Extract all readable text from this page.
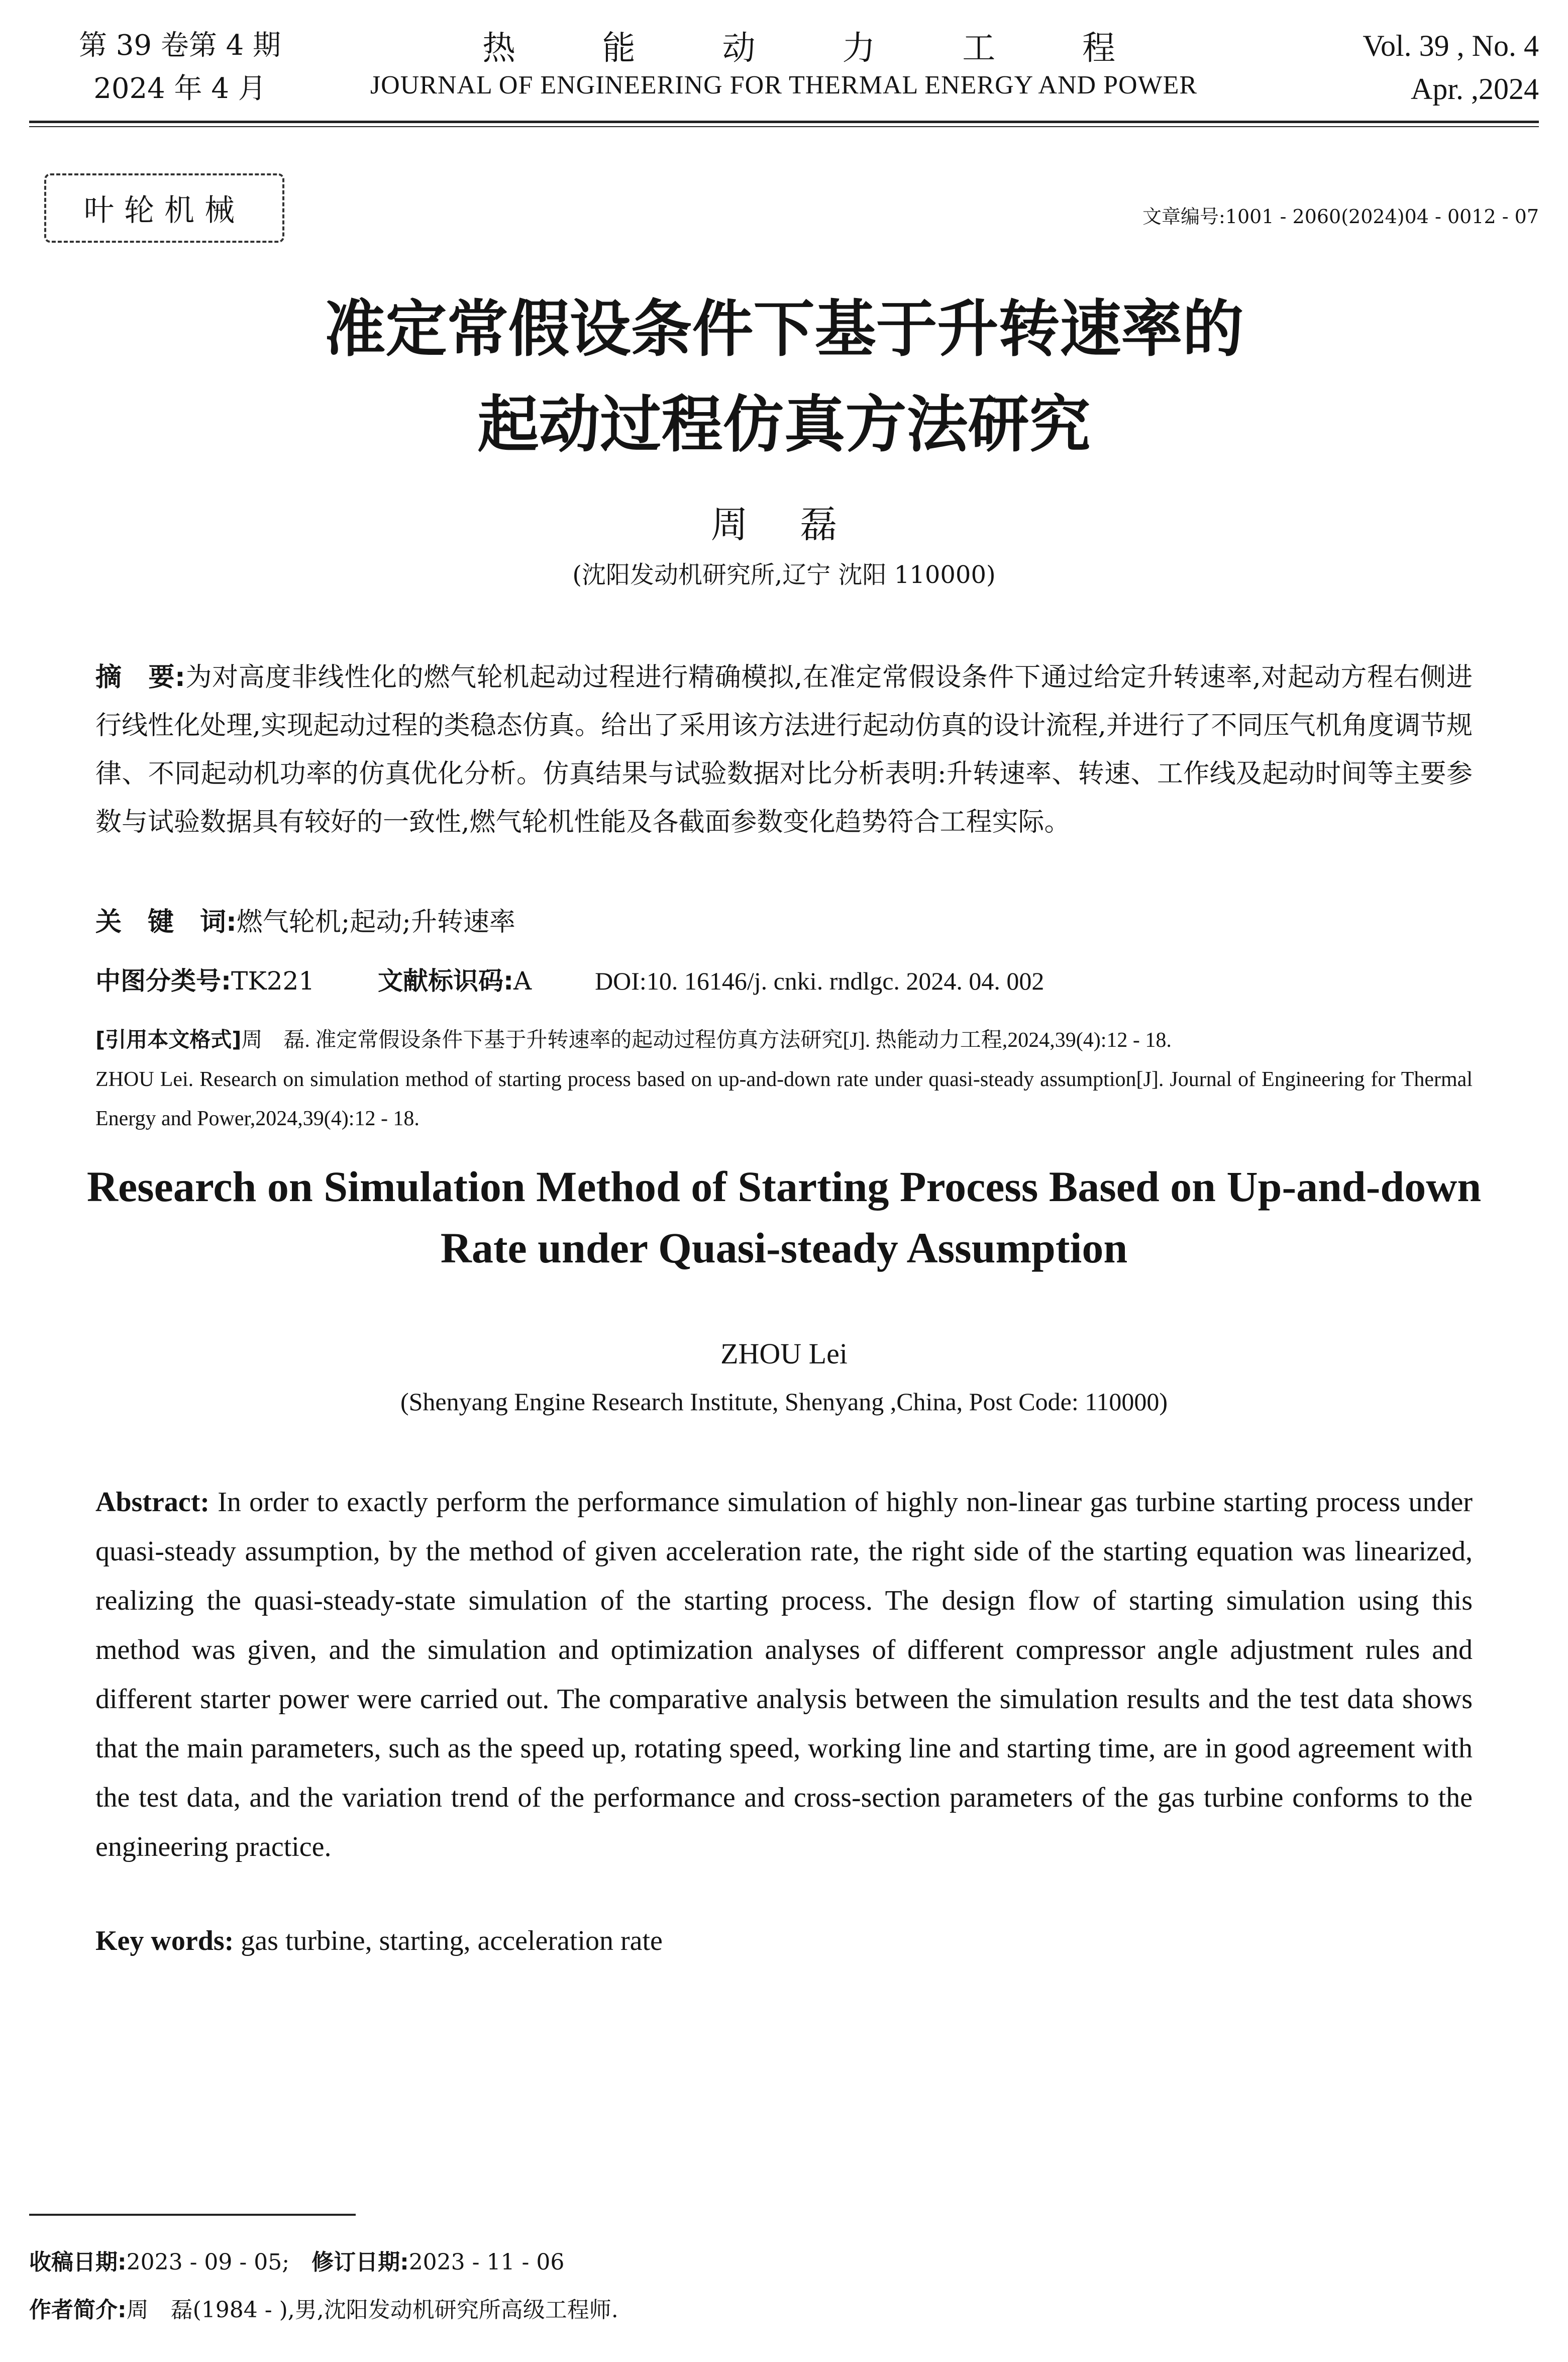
第 39 卷第 4 期
2024 年 4 月
热	能	动	力	工	程
JOURNAL OF ENGINEERING FOR THERMAL ENERGY AND POWER
Vol. 39 , No. 4
Apr. ,2024
叶轮机械	文章编号:1001 - 2060(2024)04 - 0012 - 07
准定常假设条件下基于升转速率的
起动过程仿真方法研究
周 磊
(沈阳发动机研究所,辽宁 沈阳 110000)
摘　要:为对高度非线性化的燃气轮机起动过程进行精确模拟,在准定常假设条件下通过给定升转速率,对起动方程右侧进行线性化处理,实现起动过程的类稳态仿真。给出了采用该方法进行起动仿真的设计流程,并进行了不同压气机角度调节规律、不同起动机功率的仿真优化分析。仿真结果与试验数据对比分析表明:升转速率、转速、工作线及起动时间等主要参数与试验数据具有较好的一致性,燃气轮机性能及各截面参数变化趋势符合工程实际。
关　键　词:燃气轮机;起动;升转速率
中图分类号:TK221	文献标识码:A	DOI:10. 16146/j. cnki. rndlgc. 2024. 04. 002
[引用本文格式]周　磊. 准定常假设条件下基于升转速率的起动过程仿真方法研究[J]. 热能动力工程,2024,39(4):12 - 18.
ZHOU Lei. Research on simulation method of starting process based on up-and-down rate under quasi-steady assumption[J]. Journal of Engineering for Thermal Energy and Power,2024,39(4):12 - 18.
Research on Simulation Method of Starting Process Based on Up-and-down
Rate under Quasi-steady Assumption
ZHOU Lei
(Shenyang Engine Research Institute, Shenyang ,China, Post Code: 110000)
Abstract: In order to exactly perform the performance simulation of highly non-linear gas turbine starting process under quasi-steady assumption, by the method of given acceleration rate, the right side of the starting equation was linearized, realizing the quasi-steady-state simulation of the starting process. The design flow of starting simulation using this method was given, and the simulation and optimization analyses of different compressor angle adjustment rules and different starter power were carried out. The comparative analysis between the simulation results and the test data shows that the main parameters, such as the speed up, rotating speed, working line and starting time, are in good agreement with the test data, and the variation trend of the performance and cross-section parameters of the gas turbine conforms to the engineering practice.
Key words: gas turbine, starting, acceleration rate
收稿日期:2023 - 09 - 05; 修订日期:2023 - 11 - 06
作者简介:周　磊(1984 - ),男,沈阳发动机研究所高级工程师.
